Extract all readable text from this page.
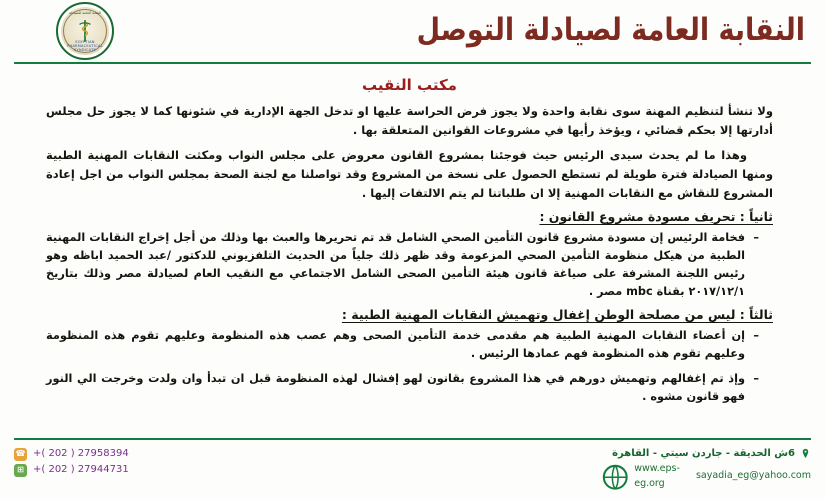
النقابة العامة للصيادلة
EGYPTIAN PHARMACEUTICAL SYNDICATE
النقابة العامة لصيادلة التوصل
مكتب النقيب

ولا تنشأ لتنظيم المهنة سوى نقابة واحدة ولا يجوز فرض الحراسة عليها او تدخل الجهة الإدارية في شئونها كما لا يجوز حل مجلس أدارتها إلا بحكم قضائي ، ويؤخذ رأيها في مشروعات القوانين المتعلقة بها .

وهذا ما لم يحدث سيدى الرئيس حيث فوجئنا بمشروع القانون معروض على مجلس النواب ومكثت النقابات المهنية الطبية ومنها الصيادلة فترة طويلة لم تستطع الحصول على نسخة من المشروع وقد تواصلنا مع لجنة الصحة بمجلس النواب من اجل إعادة المشروع للنقاش مع النقابات المهنية إلا ان طلباتنا لم يتم الالتفات إليها .

ثانياً : تحريف مسودة مشروع القانون :
– فخامة الرئيس إن مسودة مشروع قانون التأمين الصحي الشامل قد تم تحريرها والعبث بها وذلك من أجل إخراج النقابات المهنية الطبية من هيكل منظومة التأمين الصحي المزعومة وقد ظهر ذلك جلياً من الحديث التلفزيوني للدكتور /عبد الحميد اباظه وهو رئيس اللجنة المشرفة على صياغة قانون هيئة التأمين الصحى الشامل الاجتماعي مع النقيب العام لصيادلة مصر وذلك بتاريخ ٢٠١٧/١٢/١ بقناة mbc مصر .
ثالثاً : ليس من مصلحة الوطن إغفال وتهميش النقابات المهنية الطبية :
– إن أعضاء النقابات المهنية الطبية هم مقدمى خدمة التأمين الصحى وهم عصب هذه المنظومة وعليهم تقوم هذه المنظومة وعليهم تقوم هذه المنظومة فهم عمادها الرئيس .
– وإذ تم إغفالهم وتهميش دورهم في هذا المشروع بقانون لهو إفشال لهذه المنظومة قبل ان تبدأ وان ولدت وخرجت الي النور فهو قانون مشوه .
6ش الحديقة - جاردن سيتي - القاهرة
www.eps-eg.org
sayadia_eg@yahoo.com
☎ +( 202 ) 27958394
⊞ +( 202 ) 27944731
